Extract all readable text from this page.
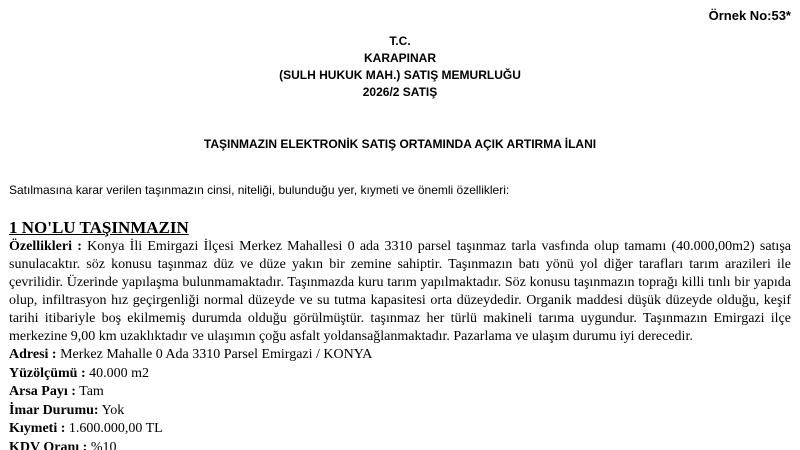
Örnek No:53*
T.C.
KARAPINAR
(SULH HUKUK MAH.) SATIŞ MEMURLUĞU
2026/2 SATIŞ
TAŞINMAZIN ELEKTRONİK SATIŞ ORTAMINDA AÇIK ARTIRMA İLANI
Satılmasına karar verilen taşınmazın cinsi, niteliği, bulunduğu yer, kıymeti ve önemli özellikleri:

1 NO'LU TAŞINMAZIN

Özellikleri : Konya İli Emirgazi İlçesi Merkez Mahallesi 0 ada 3310 parsel taşınmaz tarla vasfında olup tamamı (40.000,00m2) satışa sunulacaktır. söz konusu taşınmaz düz ve düze yakın bir zemine sahiptir. Taşınmazın batı yönü yol diğer tarafları tarım arazileri ile çevrilidir. Üzerinde yapılaşma bulunmamaktadır. Taşınmazda kuru tarım yapılmaktadır. Söz konusu taşınmazın toprağı killi tınlı bir yapıda olup, infiltrasyon hız geçirgenliği normal düzeyde ve su tutma kapasitesi orta düzeydedir. Organik maddesi düşük düzeyde olduğu, keşif tarihi itibariyle boş ekilmemiş durumda olduğu görülmüştür. taşınmaz her türlü makineli tarıma uygundur. Taşınmazın Emirgazi ilçe merkezine 9,00 km uzaklıktadır ve ulaşımın çoğu asfalt yoldansağlanmaktadır. Pazarlama ve ulaşım durumu iyi derecedir.

Adresi : Merkez Mahalle 0 Ada 3310 Parsel Emirgazi / KONYA

Yüzölçümü : 40.000 m2

Arsa Payı : Tam

İmar Durumu: Yok

Kıymeti : 1.600.000,00 TL

KDV Oranı : %10
